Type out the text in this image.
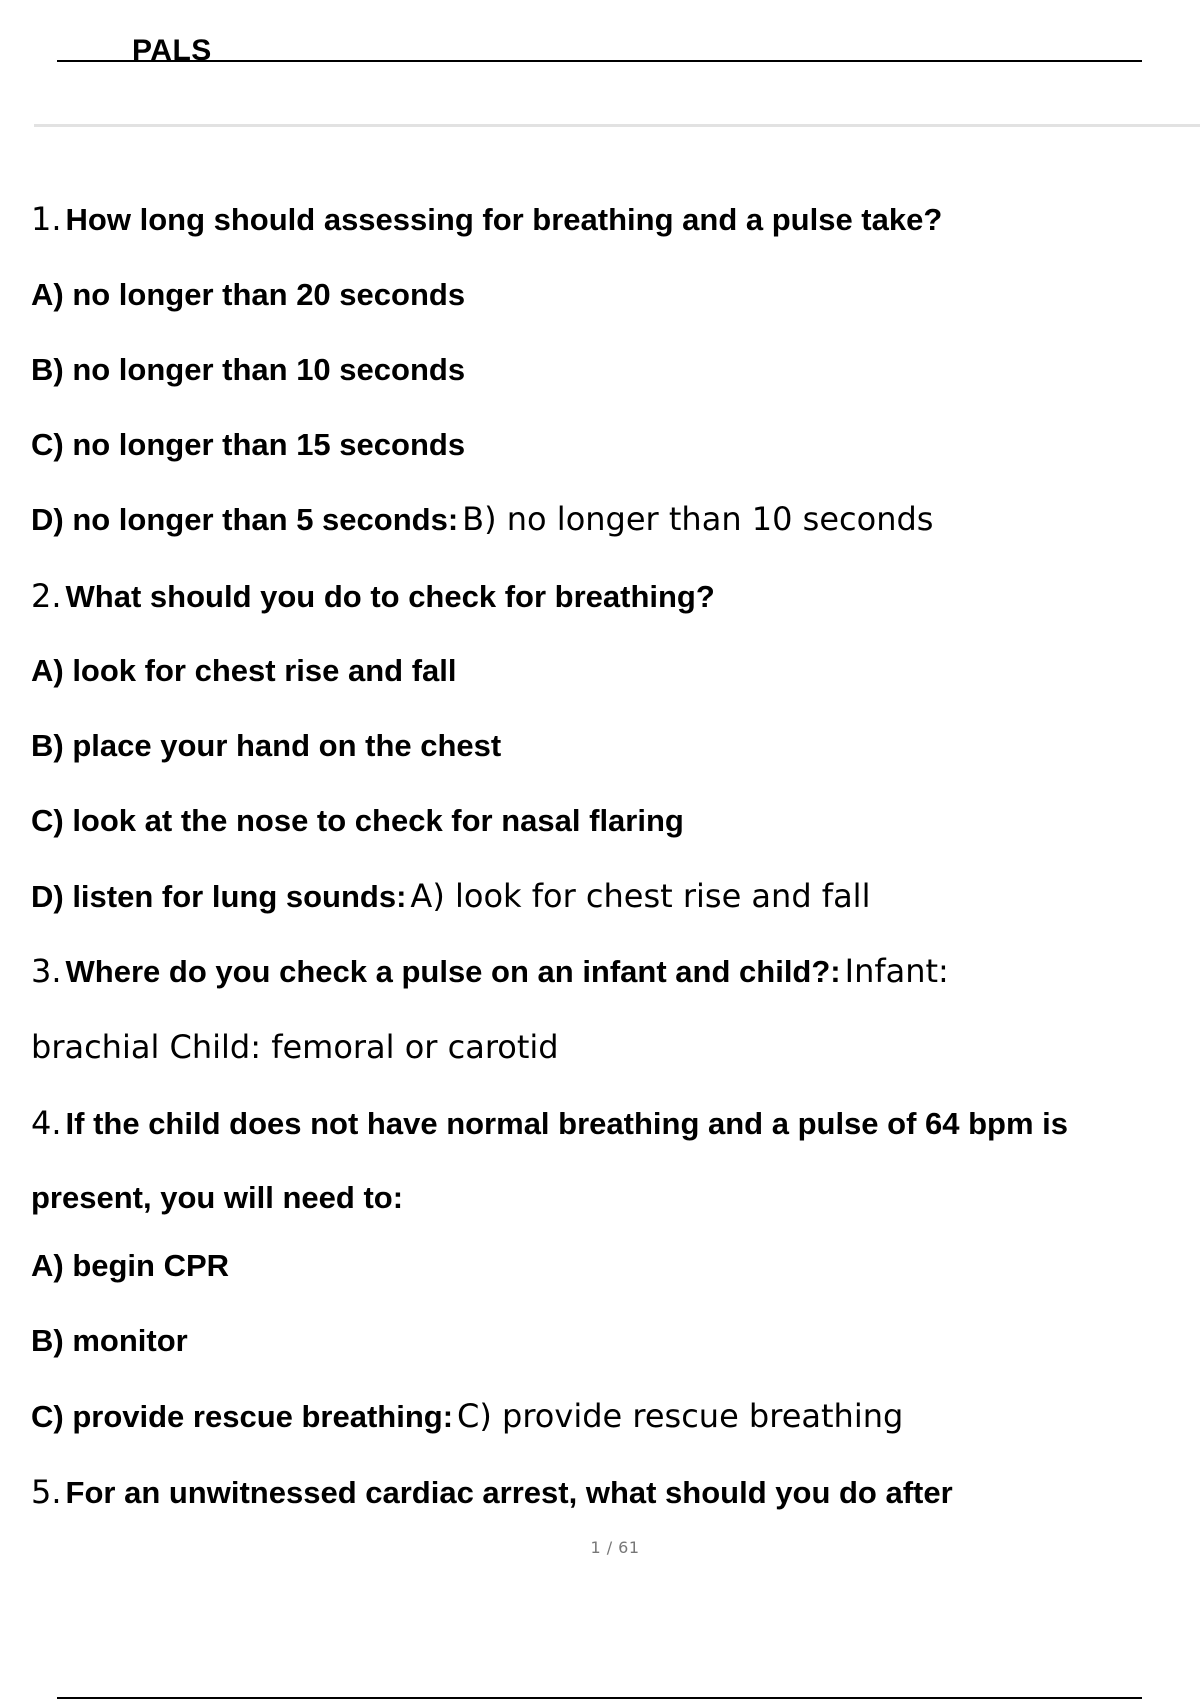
PALS
1. How long should assessing for breathing and a pulse take?
A) no longer than 20 seconds
B) no longer than 10 seconds
C) no longer than 15 seconds
D) no longer than 5 seconds: B) no longer than 10 seconds
2. What should you do to check for breathing?
A) look for chest rise and fall
B) place your hand on the chest
C) look at the nose to check for nasal flaring
D) listen for lung sounds: A) look for chest rise and fall
3. Where do you check a pulse on an infant and child?: Infant:
brachial Child: femoral or carotid
4. If the child does not have normal breathing and a pulse of 64 bpm is
present, you will need to:
A) begin CPR
B) monitor
C) provide rescue breathing: C) provide rescue breathing
5. For an unwitnessed cardiac arrest, what should you do after
1 / 61
